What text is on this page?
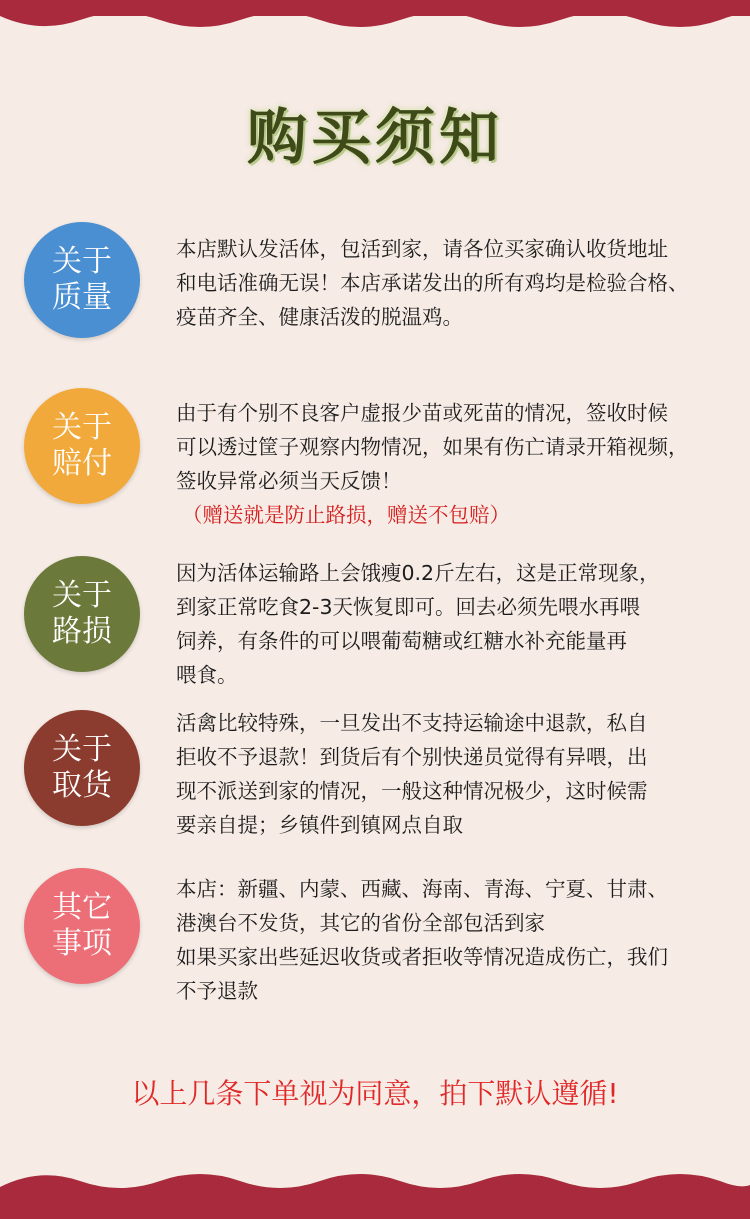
购买须知
关于
质量

本店默认发活体，包活到家，请各位买家确认收货地址

和电话准确无误！本店承诺发出的所有鸡均是检验合格、

疫苗齐全、健康活泼的脱温鸡。

关于
赔付

由于有个别不良客户虚报少苗或死苗的情况，签收时候

可以透过筐子观察内物情况，如果有伤亡请录开箱视频，

签收异常必须当天反馈！

（赠送就是防止路损，赠送不包赔）

关于
路损

因为活体运输路上会饿瘦0.2斤左右，这是正常现象，

到家正常吃食2-3天恢复即可。回去必须先喂水再喂

饲养，有条件的可以喂葡萄糖或红糖水补充能量再

喂食。

关于
取货

活禽比较特殊，一旦发出不支持运输途中退款，私自

拒收不予退款！到货后有个别快递员觉得有异喂，出

现不派送到家的情况，一般这种情况极少，这时候需

要亲自提；乡镇件到镇网点自取

其它
事项

本店：新疆、内蒙、西藏、海南、青海、宁夏、甘肃、

港澳台不发货，其它的省份全部包活到家

如果买家出些延迟收货或者拒收等情况造成伤亡，我们

不予退款

以上几条下单视为同意，拍下默认遵循!
